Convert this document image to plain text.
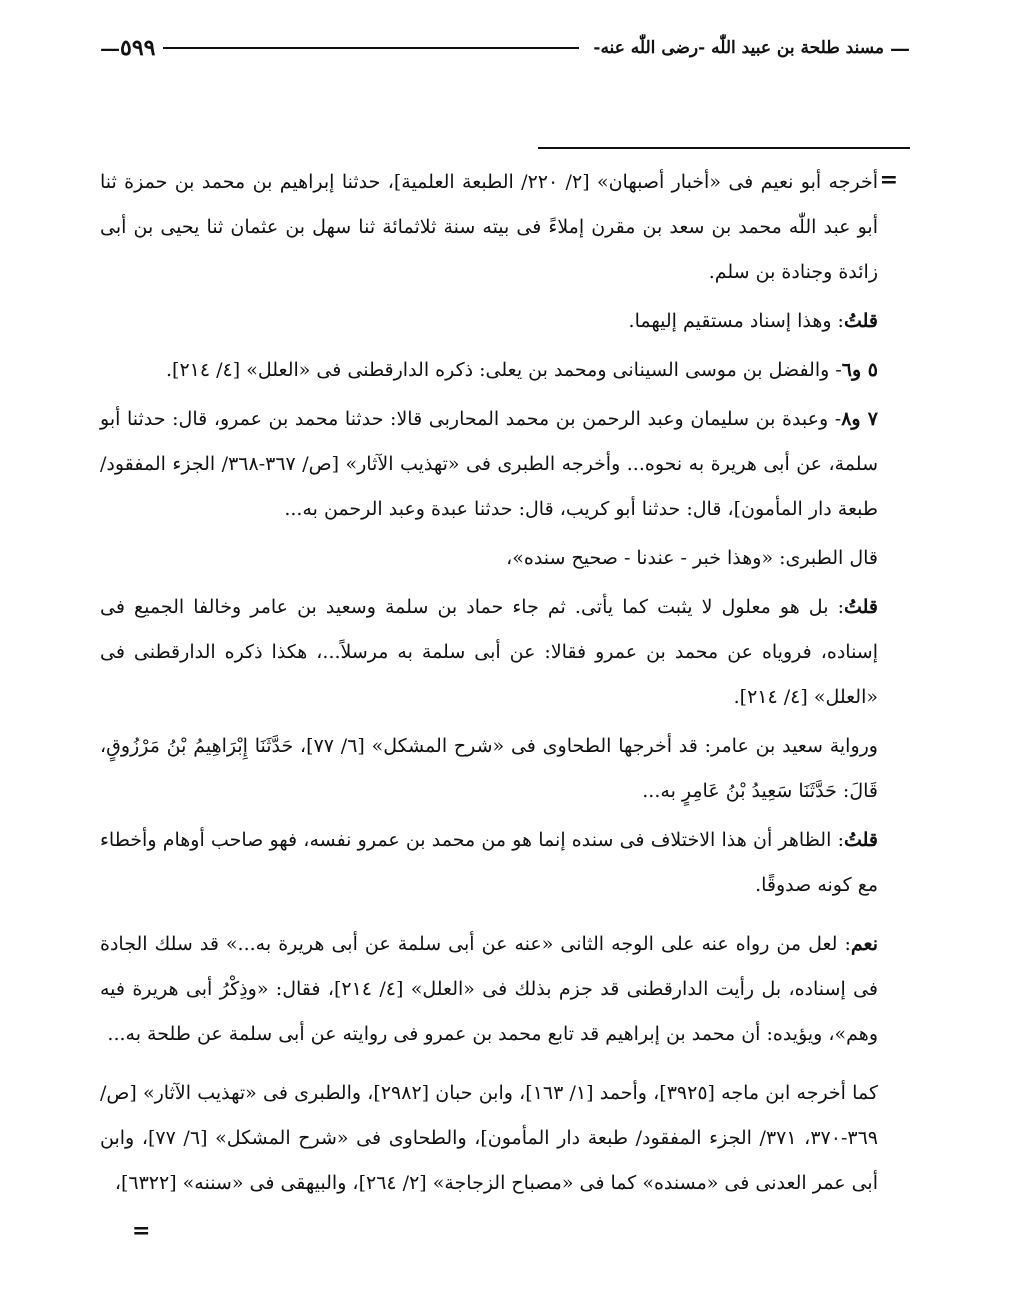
—
مسند طلحة بن عبيد اللّٰه -رضى اللّٰه عنه-
٥٩٩
—
=

أخرجه أبو نعيم فى «أخبار أصبهان» [٢/ ٢٢٠/ الطبعة العلمية]، حدثنا إبراهيم بن محمد بن حمزة ثنا أبو عبد اللّٰه محمد بن سعد بن مقرن إملاءً فى بيته سنة ثلاثمائة ثنا سهل بن عثمان ثنا يحيى بن أبى زائدة وجنادة بن سلم.

قلتُ: وهذا إسناد مستقيم إليهما.

٥ و٦- والفضل بن موسى السينانى ومحمد بن يعلى: ذكره الدارقطنى فى «العلل» [٤/ ٢١٤].

٧ و٨- وعبدة بن سليمان وعبد الرحمن بن محمد المحاربى قالا: حدثنا محمد بن عمرو، قال: حدثنا أبو سلمة، عن أبى هريرة به نحوه... وأخرجه الطبرى فى «تهذيب الآثار» [ص/ ٣٦٧-٣٦٨/ الجزء المفقود/ طبعة دار المأمون]، قال: حدثنا أبو كريب، قال: حدثنا عبدة وعبد الرحمن به...

قال الطبرى: «وهذا خبر - عندنا - صحيح سنده»،

قلتُ: بل هو معلول لا يثبت كما يأتى. ثم جاء حماد بن سلمة وسعيد بن عامر وخالفا الجميع فى إسناده، فروياه عن محمد بن عمرو فقالا: عن أبى سلمة به مرسلاً...، هكذا ذكره الدارقطنى فى «العلل» [٤/ ٢١٤].

ورواية سعيد بن عامر: قد أخرجها الطحاوى فى «شرح المشكل» [٦/ ٧٧]، حَدَّثَنَا إِبْرَاهِيمُ بْنُ مَرْزُوقٍ، قَالَ: حَدَّثَنَا سَعِيدُ بْنُ عَامِرٍ به...

قلتُ: الظاهر أن هذا الاختلاف فى سنده إنما هو من محمد بن عمرو نفسه، فهو صاحب أوهام وأخطاء مع كونه صدوقًا.

نعم: لعل من رواه عنه على الوجه الثانى «عنه عن أبى سلمة عن أبى هريرة به...» قد سلك الجادة فى إسناده، بل رأيت الدارقطنى قد جزم بذلك فى «العلل» [٤/ ٢١٤]، فقال: «وذِكْرُ أبى هريرة فيه وهم»، ويؤيده: أن محمد بن إبراهيم قد تابع محمد بن عمرو فى روايته عن أبى سلمة عن طلحة به...

كما أخرجه ابن ماجه [٣٩٢٥]، وأحمد [١/ ١٦٣]، وابن حبان [٢٩٨٢]، والطبرى فى «تهذيب الآثار» [ص/ ٣٦٩-٣٧٠، ٣٧١/ الجزء المفقود/ طبعة دار المأمون]، والطحاوى فى «شرح المشكل» [٦/ ٧٧]، وابن أبى عمر العدنى فى «مسنده» كما فى «مصباح الزجاجة» [٢/ ٢٦٤]، والبيهقى فى «سننه» [٦٣٢٢]،

=
